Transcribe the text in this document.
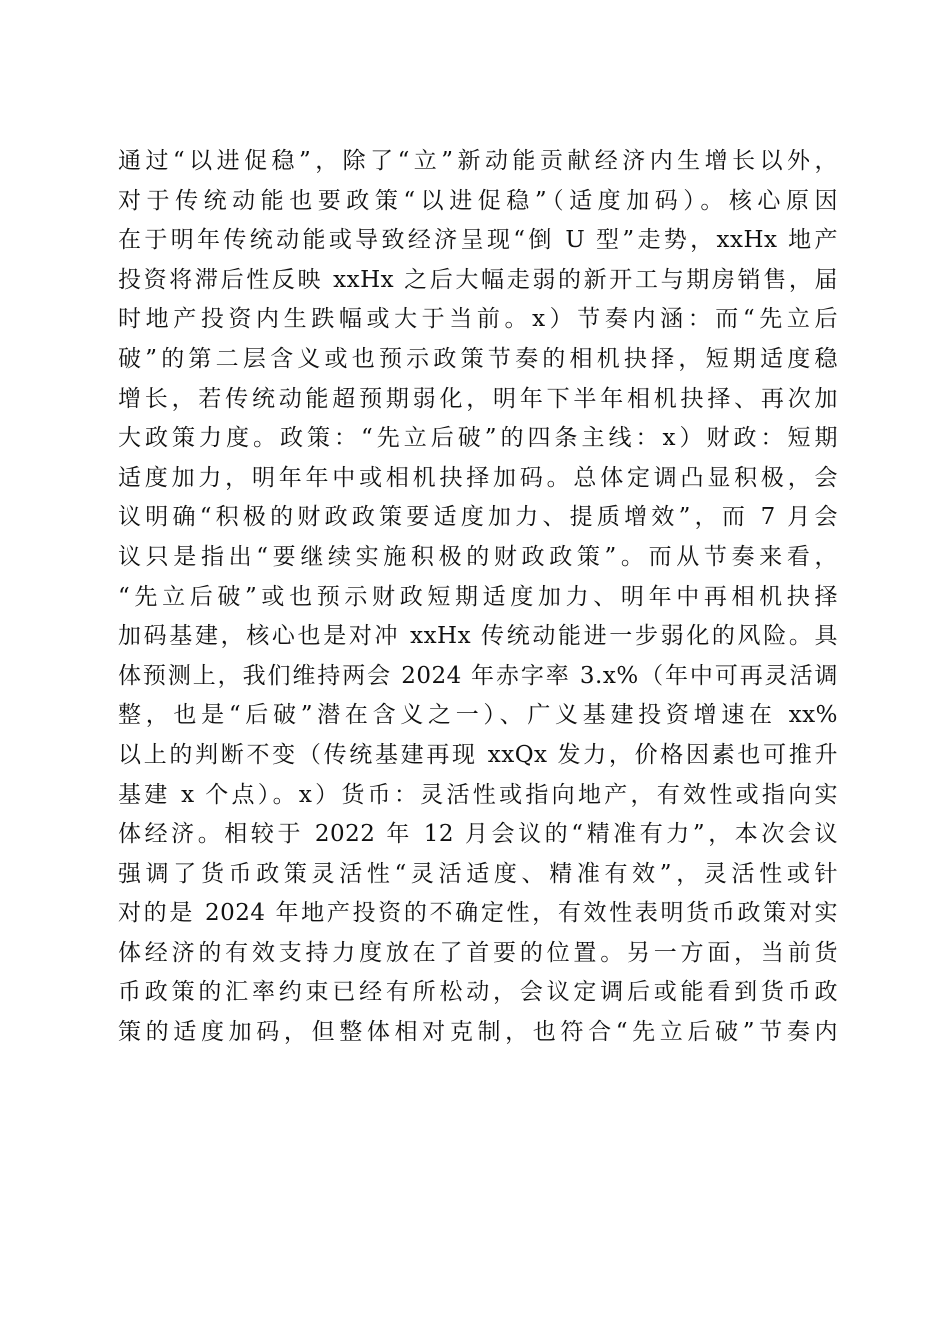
通过“以进促稳”，除了“立”新动能贡献经济内生增长以外，
对于传统动能也要政策“以进促稳”（适度加码）。核心原因
在于明年传统动能或导致经济呈现“倒 U 型”走势，xxHx 地产
投资将滞后性反映 xxHx 之后大幅走弱的新开工与期房销售，届
时地产投资内生跌幅或大于当前。x）节奏内涵：而“先立后
破”的第二层含义或也预示政策节奏的相机抉择，短期适度稳
增长，若传统动能超预期弱化，明年下半年相机抉择、再次加
大政策力度。政策：“先立后破”的四条主线：x）财政：短期
适度加力，明年年中或相机抉择加码。总体定调凸显积极，会
议明确“积极的财政政策要适度加力、提质增效”，而 7 月会
议只是指出“要继续实施积极的财政政策”。而从节奏来看，
“先立后破”或也预示财政短期适度加力、明年中再相机抉择
加码基建，核心也是对冲 xxHx 传统动能进一步弱化的风险。具
体预测上，我们维持两会 2024 年赤字率 3.x%（年中可再灵活调
整，也是“后破”潜在含义之一）、广义基建投资增速在 xx%
以上的判断不变（传统基建再现 xxQx 发力，价格因素也可推升
基建 x 个点）。x）货币：灵活性或指向地产，有效性或指向实
体经济。相较于 2022 年 12 月会议的“精准有力”，本次会议
强调了货币政策灵活性“灵活适度、精准有效”，灵活性或针
对的是 2024 年地产投资的不确定性，有效性表明货币政策对实
体经济的有效支持力度放在了首要的位置。另一方面，当前货
币政策的汇率约束已经有所松动，会议定调后或能看到货币政
策的适度加码，但整体相对克制，也符合“先立后破”节奏内
